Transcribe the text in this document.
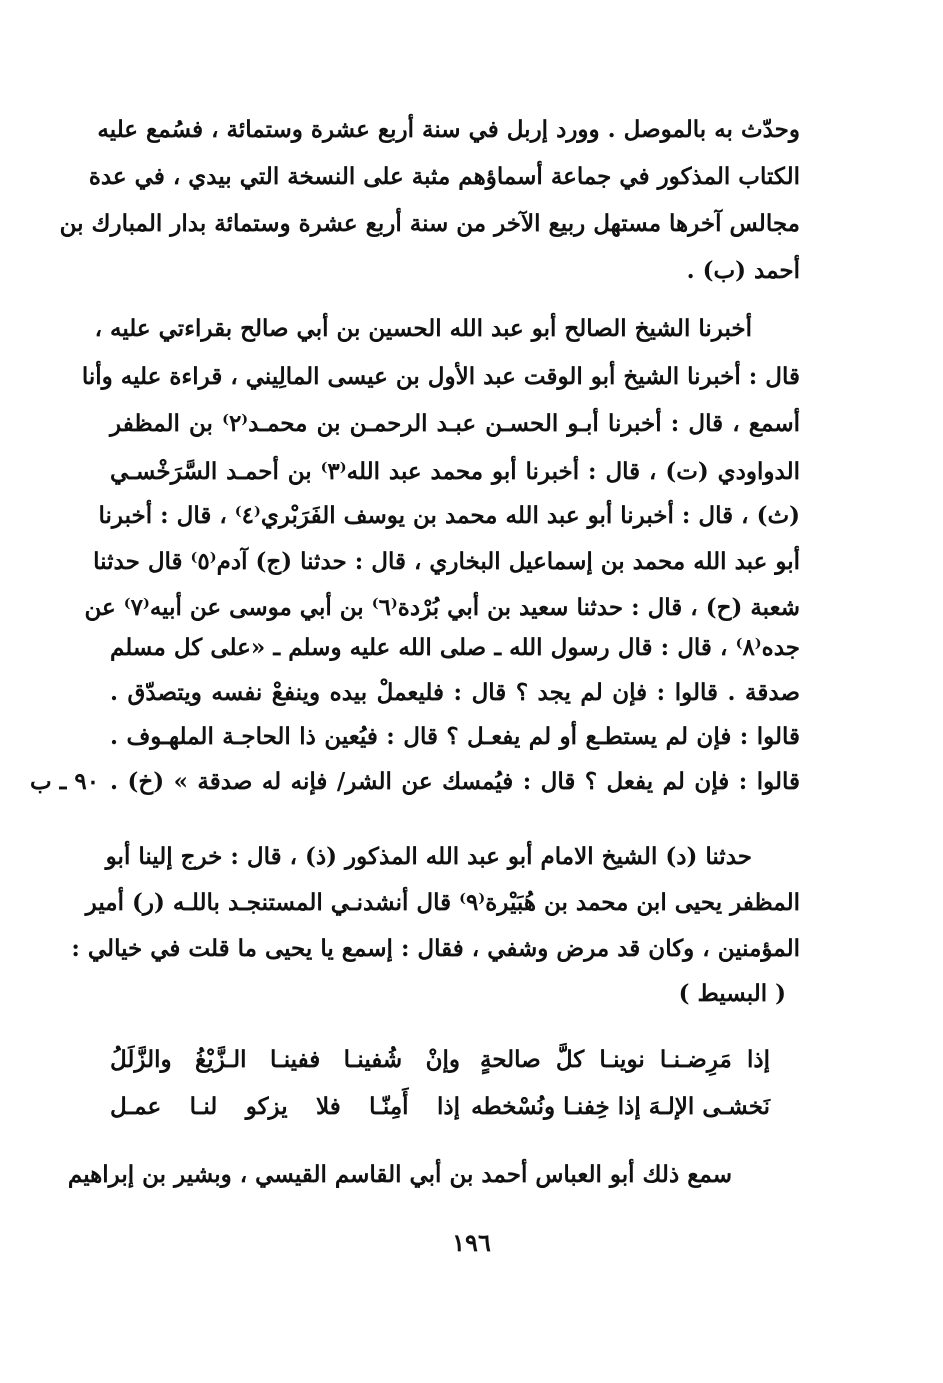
وحدّث به بالموصل . وورد إربل في سنة أربع عشرة وستمائة ، فسُمع عليه
الكتاب المذكور في جماعة أسماؤهم مثبة على النسخة التي بيدي ، في عدة
مجالس آخرها مستهل ربيع الآخر من سنة أربع عشرة وستمائة بدار المبارك بن
أحمد (ب) .
أخبرنا الشيخ الصالح أبو عبد الله الحسين بن أبي صالح بقراءتي عليه ،
قال : أخبرنا الشيخ أبو الوقت عبد الأول بن عيسى المالِيني ، قراءة عليه وأنا
أسمع ، قال : أخبرنا أبـو الحسـن عبـد الرحمـن بن محمـد⁽٢⁾ بن المظفر
الدواودي (ت) ، قال : أخبرنا أبو محمد عبد الله⁽٣⁾ بن أحمـد السَّرَخْسـي
(ث) ، قال : أخبرنا أبو عبد الله محمد بن يوسف الفَرَبْري⁽٤⁾ ، قال : أخبرنا
أبو عبد الله محمد بن إسماعيل البخاري ، قال : حدثنا (ج) آدم⁽٥⁾ قال حدثنا
شعبة (ح) ، قال : حدثنا سعيد بن أبي بُرْدة⁽٦⁾ بن أبي موسى عن أبيه⁽٧⁾ عن
جده⁽٨⁾ ، قال : قال رسول الله ـ صلى الله عليه وسلم ـ «على كل مسلم
صدقة . قالوا : فإن لم يجد ؟ قال : فليعملْ بيده وينفعْ نفسه ويتصدّق .
قالوا : فإن لم يستطـع أو لم يفعـل ؟ قال : فيُعين ذا الحاجـة الملهـوف .
قالوا : فإن لم يفعل ؟ قال : فيُمسك عن الشر/ فإنه له صدقة » (خ) .
حدثنا (د) الشيخ الامام أبو عبد الله المذكور (ذ) ، قال : خرج إلينا أبو
المظفر يحيى ابن محمد بن هُبَيْرة⁽٩⁾ قال أنشدنـي المستنجـد باللـه (ر) أمير
المؤمنين ، وكان قد مرض وشفي ، فقال : إسمع يا يحيى ما قلت في خيالي :
( البسيط )
إذا مَرِضـنـا نوينـا كلَّ صالحةٍ
وإنْ شُفينـا ففينـا الـزَّيْغُ والزَّلَلُ
نَخشـى الإلـهَ إذا خِفنـا ونُسْخطه
إذا أَمِنّـا فلا يزكو لنـا عمـل
سمع ذلك أبو العباس أحمد بن أبي القاسم القيسي ، وبشير بن إبراهيم
٩٠ ـ ب
١٩٦
